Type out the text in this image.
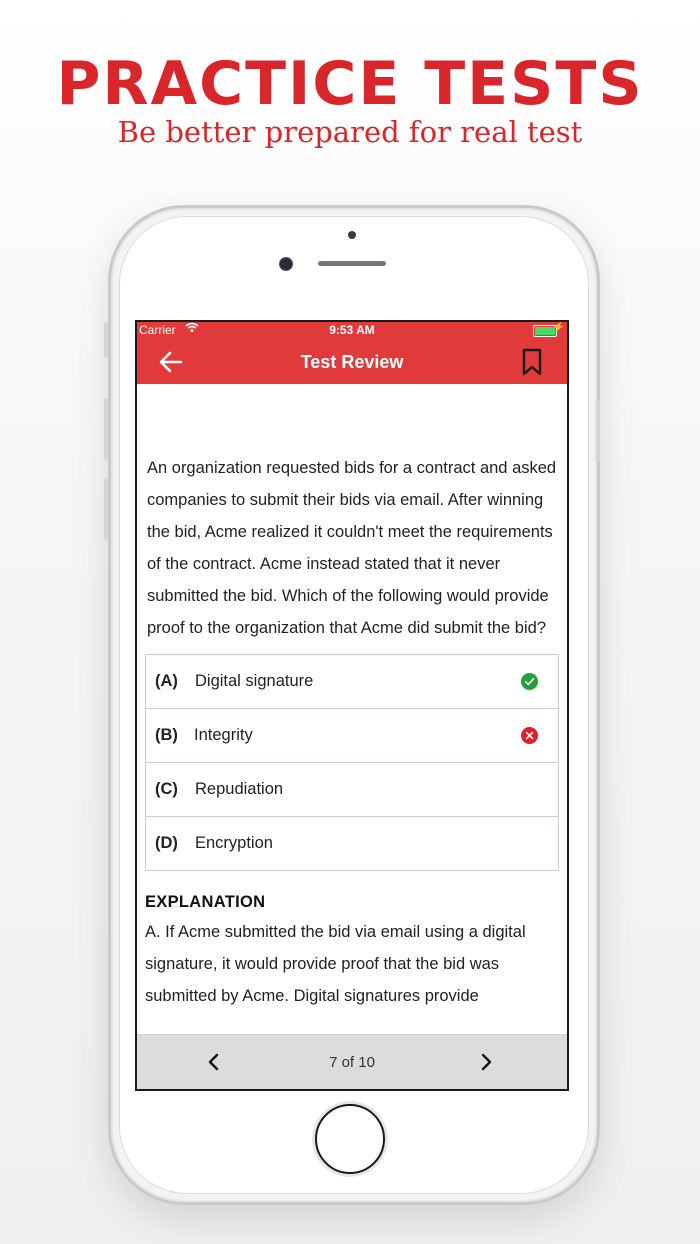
PRACTICE TESTS
Be better prepared for real test
Carrier	9:53 AM	⚡
Test Review
An organization requested bids for a contract and asked companies to submit their bids via email. After winning the bid, Acme realized it couldn't meet the requirements of the contract. Acme instead stated that it never submitted the bid. Which of the following would provide proof to the organization that Acme did submit the bid?
(A) Digital signature
(B) Integrity
(C) Repudiation
(D) Encryption
EXPLANATION
A. If Acme submitted the bid via email using a digital signature, it would provide proof that the bid was submitted by Acme. Digital signatures provide
7 of 10
